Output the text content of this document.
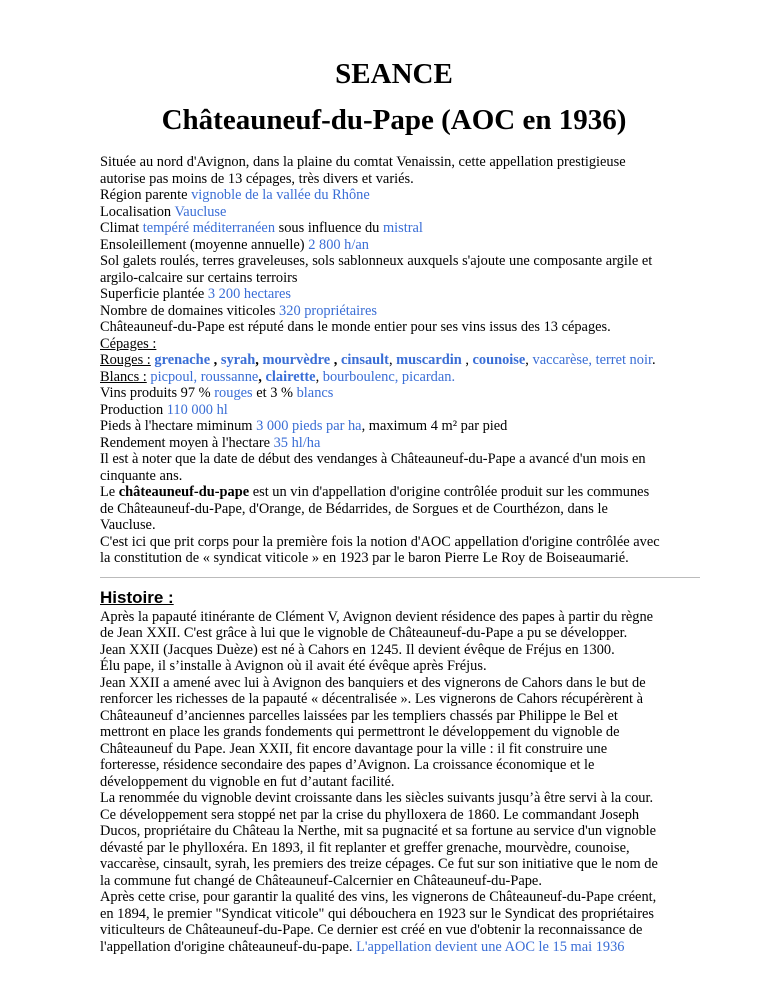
SEANCE
Châteauneuf-du-Pape (AOC en 1936)
Située au nord d'Avignon, dans la plaine du comtat Venaissin, cette appellation prestigieuse
autorise pas moins de 13 cépages, très divers et variés.
Région parente vignoble de la vallée du Rhône
Localisation Vaucluse
Climat tempéré méditerranéen sous influence du mistral
Ensoleillement (moyenne annuelle) 2 800 h/an
Sol galets roulés, terres graveleuses, sols sablonneux auxquels s'ajoute une composante argile et
argilo-calcaire sur certains terroirs
Superficie plantée 3 200 hectares
Nombre de domaines viticoles 320 propriétaires
Châteauneuf-du-Pape est réputé dans le monde entier pour ses vins issus des 13 cépages.
Cépages :
Rouges : grenache , syrah, mourvèdre , cinsault, muscardin , counoise, vaccarèse, terret noir.
Blancs : picpoul, roussanne, clairette, bourboulenc, picardan.
Vins produits 97 % rouges et 3 % blancs
Production 110 000 hl
Pieds à l'hectare miminum 3 000 pieds par ha, maximum 4 m² par pied
Rendement moyen à l'hectare 35 hl/ha
Il est à noter que la date de début des vendanges à Châteauneuf-du-Pape a avancé d'un mois en
cinquante ans.
Le châteauneuf-du-pape est un vin d'appellation d'origine contrôlée produit sur les communes
de Châteauneuf-du-Pape, d'Orange, de Bédarrides, de Sorgues et de Courthézon, dans le
Vaucluse.
C'est ici que prit corps pour la première fois la notion d'AOC appellation d'origine contrôlée avec
la constitution de « syndicat viticole » en 1923 par le baron Pierre Le Roy de Boiseaumarié.
Histoire :
Après la papauté itinérante de Clément V, Avignon devient résidence des papes à partir du règne
de Jean XXII. C'est grâce à lui que le vignoble de Châteauneuf-du-Pape a pu se développer.
Jean XXII (Jacques Duèze) est né à Cahors en 1245. Il devient évêque de Fréjus en 1300.
Élu pape, il s’installe à Avignon où il avait été évêque après Fréjus.
Jean XXII a amené avec lui à Avignon des banquiers et des vignerons de Cahors dans le but de
renforcer les richesses de la papauté « décentralisée ». Les vignerons de Cahors récupérèrent à
Châteauneuf d’anciennes parcelles laissées par les templiers chassés par Philippe le Bel et
mettront en place les grands fondements qui permettront le développement du vignoble de
Châteauneuf du Pape. Jean XXII, fit encore davantage pour la ville : il fit construire une
forteresse, résidence secondaire des papes d’Avignon. La croissance économique et le
développement du vignoble en fut d’autant facilité.
La renommée du vignoble devint croissante dans les siècles suivants jusqu’à être servi à la cour.
Ce développement sera stoppé net par la crise du phylloxera de 1860. Le commandant Joseph
Ducos, propriétaire du Château la Nerthe, mit sa pugnacité et sa fortune au service d'un vignoble
dévasté par le phylloxéra. En 1893, il fit replanter et greffer grenache, mourvèdre, counoise,
vaccarèse, cinsault, syrah, les premiers des treize cépages. Ce fut sur son initiative que le nom de
la commune fut changé de Châteauneuf-Calcernier en Châteauneuf-du-Pape.
Après cette crise, pour garantir la qualité des vins, les vignerons de Châteauneuf-du-Pape créent,
en 1894, le premier "Syndicat viticole" qui débouchera en 1923 sur le Syndicat des propriétaires
viticulteurs de Châteauneuf-du-Pape. Ce dernier est créé en vue d'obtenir la reconnaissance de
l'appellation d'origine châteauneuf-du-pape. L'appellation devient une AOC le 15 mai 1936
